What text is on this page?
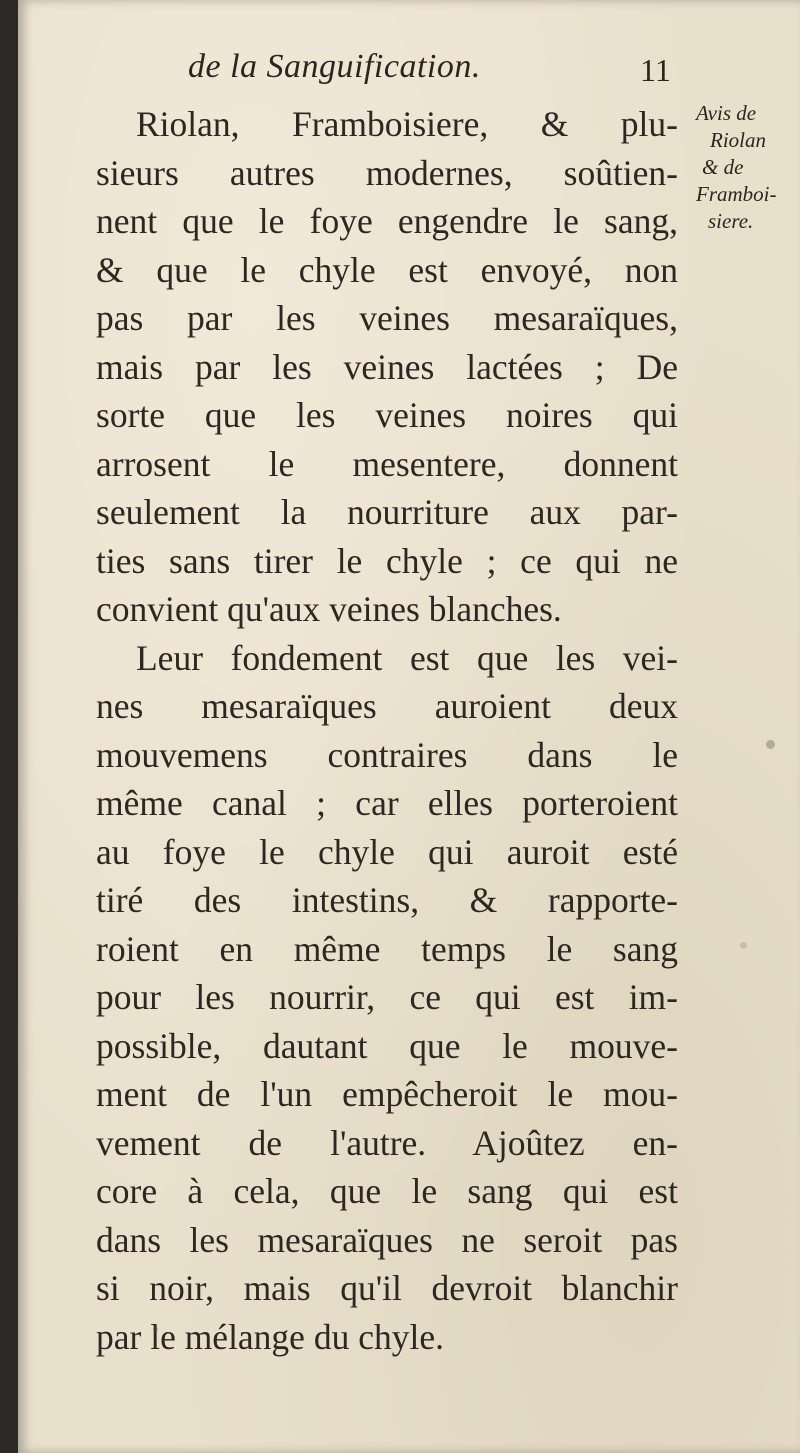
de la Sanguification.	11
Avis de
Riolan
& de
Framboi-
siere.
Riolan, Framboisiere, & plu-
sieurs autres modernes, soûtien-
nent que le foye engendre le sang,
& que le chyle est envoyé, non
pas par les veines mesaraïques,
mais par les veines lactées ; De
sorte que les veines noires qui
arrosent le mesentere, donnent
seulement la nourriture aux par-
ties sans tirer le chyle ; ce qui ne
convient qu'aux veines blanches.
Leur fondement est que les vei-
nes mesaraïques auroient deux
mouvemens contraires dans le
même canal ; car elles porteroient
au foye le chyle qui auroit esté
tiré des intestins, & rapporte-
roient en même temps le sang
pour les nourrir, ce qui est im-
possible, dautant que le mouve-
ment de l'un empêcheroit le mou-
vement de l'autre. Ajoûtez en-
core à cela, que le sang qui est
dans les mesaraïques ne seroit pas
si noir, mais qu'il devroit blanchir
par le mélange du chyle.
